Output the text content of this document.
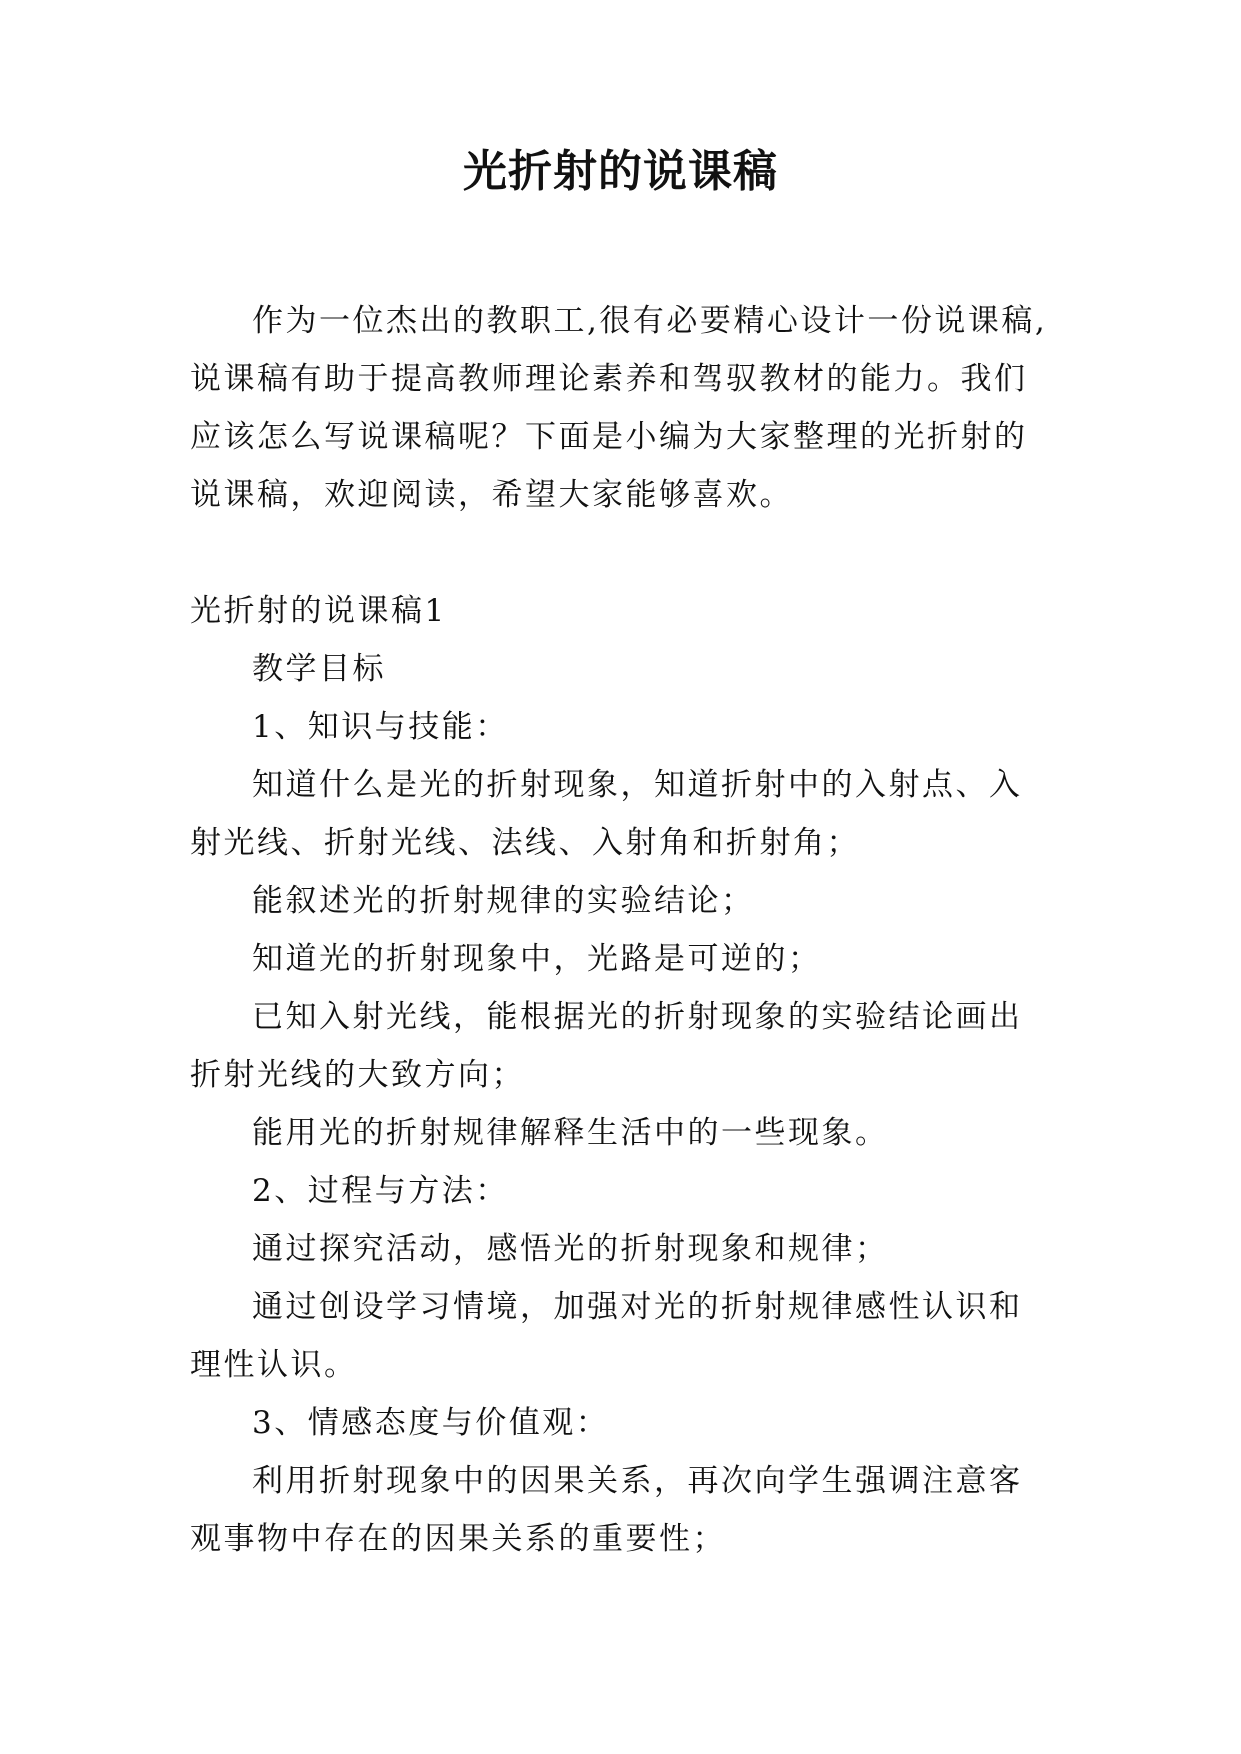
光折射的说课稿

作为一位杰出的教职工,很有必要精心设计一份说课稿,说课稿有助于提高教师理论素养和驾驭教材的能力。我们应该怎么写说课稿呢？下面是小编为大家整理的光折射的说课稿，欢迎阅读，希望大家能够喜欢。

光折射的说课稿1

教学目标

1、知识与技能：

知道什么是光的折射现象，知道折射中的入射点、入射光线、折射光线、法线、入射角和折射角；

能叙述光的折射规律的实验结论；

知道光的折射现象中，光路是可逆的；

已知入射光线，能根据光的折射现象的实验结论画出折射光线的大致方向；

能用光的折射规律解释生活中的一些现象。

2、过程与方法：

通过探究活动，感悟光的折射现象和规律；

通过创设学习情境，加强对光的折射规律感性认识和理性认识。

3、情感态度与价值观：

利用折射现象中的因果关系，再次向学生强调注意客观事物中存在的因果关系的重要性；
